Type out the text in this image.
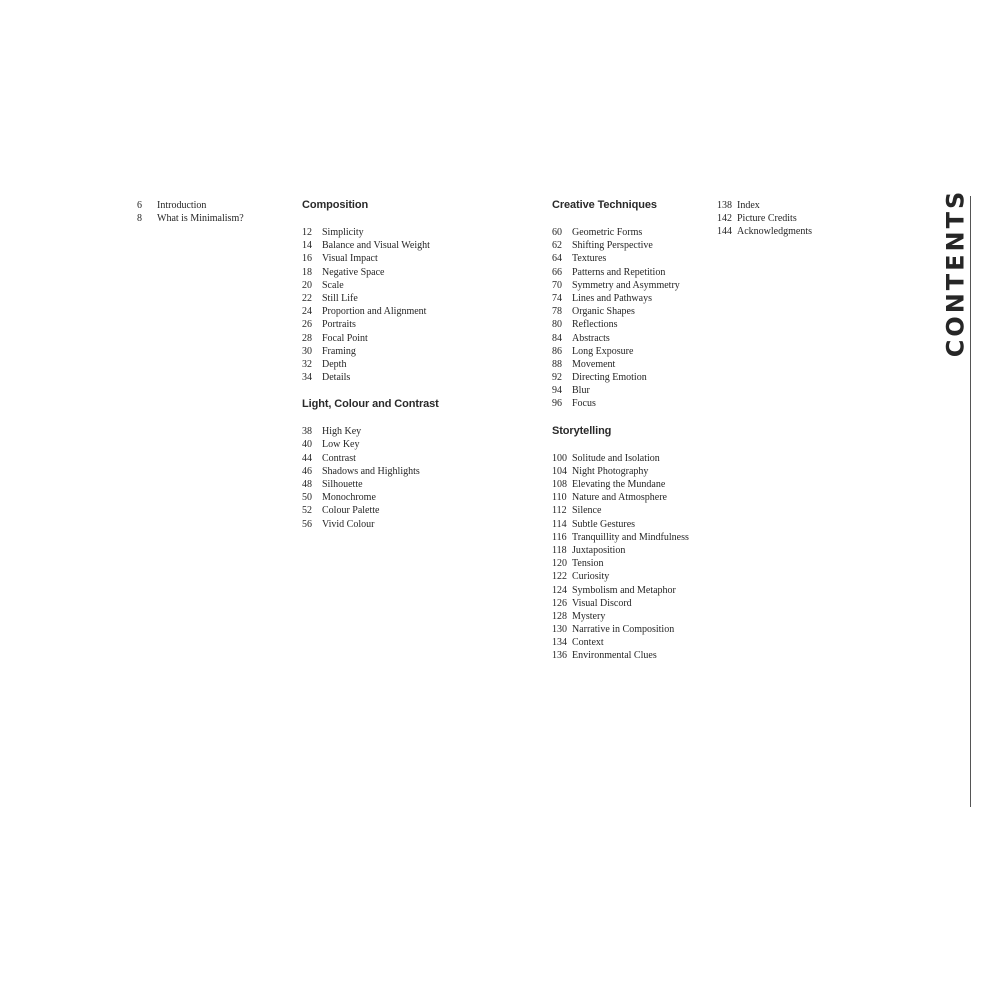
6 Introduction
8 What is Minimalism?
Composition
12 Simplicity
14 Balance and Visual Weight
16 Visual Impact
18 Negative Space
20 Scale
22 Still Life
24 Proportion and Alignment
26 Portraits
28 Focal Point
30 Framing
32 Depth
34 Details
Light, Colour and Contrast
38 High Key
40 Low Key
44 Contrast
46 Shadows and Highlights
48 Silhouette
50 Monochrome
52 Colour Palette
56 Vivid Colour
Creative Techniques
60 Geometric Forms
62 Shifting Perspective
64 Textures
66 Patterns and Repetition
70 Symmetry and Asymmetry
74 Lines and Pathways
78 Organic Shapes
80 Reflections
84 Abstracts
86 Long Exposure
88 Movement
92 Directing Emotion
94 Blur
96 Focus
Storytelling
100 Solitude and Isolation
104 Night Photography
108 Elevating the Mundane
110 Nature and Atmosphere
112 Silence
114 Subtle Gestures
116 Tranquillity and Mindfulness
118 Juxtaposition
120 Tension
122 Curiosity
124 Symbolism and Metaphor
126 Visual Discord
128 Mystery
130 Narrative in Composition
134 Context
136 Environmental Clues
138 Index
142 Picture Credits
144 Acknowledgments	CONTENTS
